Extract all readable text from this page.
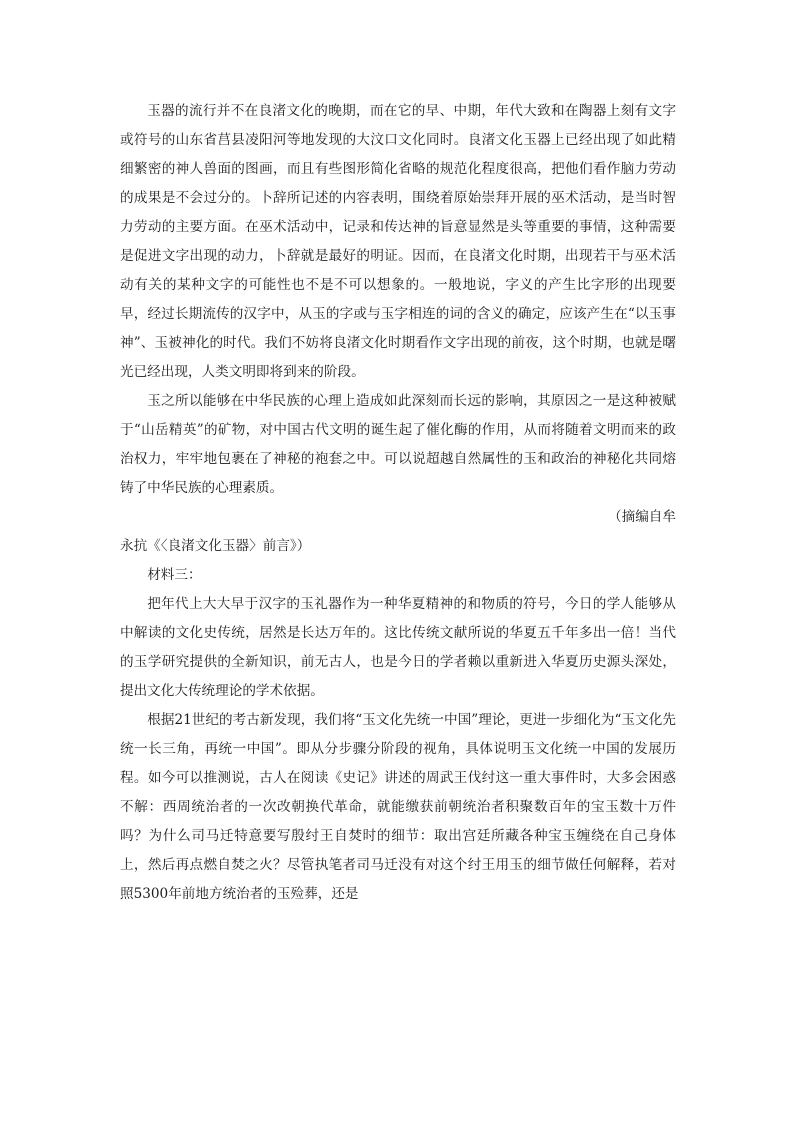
玉器的流行并不在良渚文化的晚期，而在它的早、中期，年代大致和在陶器上刻有文字或符号的山东省莒县凌阳河等地发现的大汶口文化同时。良渚文化玉器上已经出现了如此精细繁密的神人兽面的图画，而且有些图形简化省略的规范化程度很高，把他们看作脑力劳动的成果是不会过分的。卜辞所记述的内容表明，围绕着原始崇拜开展的巫术活动，是当时智力劳动的主要方面。在巫术活动中，记录和传达神的旨意显然是头等重要的事情，这种需要是促进文字出现的动力，卜辞就是最好的明证。因而，在良渚文化时期，出现若干与巫术活动有关的某种文字的可能性也不是不可以想象的。一般地说，字义的产生比字形的出现要早，经过长期流传的汉字中，从玉的字或与玉字相连的词的含义的确定，应该产生在“以玉事神”、玉被神化的时代。我们不妨将良渚文化时期看作文字出现的前夜，这个时期，也就是曙光已经出现，人类文明即将到来的阶段。

玉之所以能够在中华民族的心理上造成如此深刻而长远的影响，其原因之一是这种被赋于“山岳精英”的矿物，对中国古代文明的诞生起了催化酶的作用，从而将随着文明而来的政治权力，牢牢地包裹在了神秘的袍套之中。可以说超越自然属性的玉和政治的神秘化共同熔铸了中华民族的心理素质。

（摘编自牟

永抗《〈良渚文化玉器〉前言》）

材料三：

把年代上大大早于汉字的玉礼器作为一种华夏精神的和物质的符号，今日的学人能够从中解读的文化史传统，居然是长达万年的。这比传统文献所说的华夏五千年多出一倍！当代的玉学研究提供的全新知识，前无古人，也是今日的学者赖以重新进入华夏历史源头深处，提出文化大传统理论的学术依据。

根据21世纪的考古新发现，我们将“玉文化先统一中国”理论，更进一步细化为“玉文化先统一长三角，再统一中国”。即从分步骤分阶段的视角，具体说明玉文化统一中国的发展历程。如今可以推测说，古人在阅读《史记》讲述的周武王伐纣这一重大事件时，大多会困惑不解：西周统治者的一次改朝换代革命，就能缴获前朝统治者积聚数百年的宝玉数十万件吗？为什么司马迁特意要写殷纣王自焚时的细节：取出宫廷所藏各种宝玉缠绕在自己身体上，然后再点燃自焚之火？尽管执笔者司马迁没有对这个纣王用玉的细节做任何解释，若对照5300年前地方统治者的玉殓葬，还是
